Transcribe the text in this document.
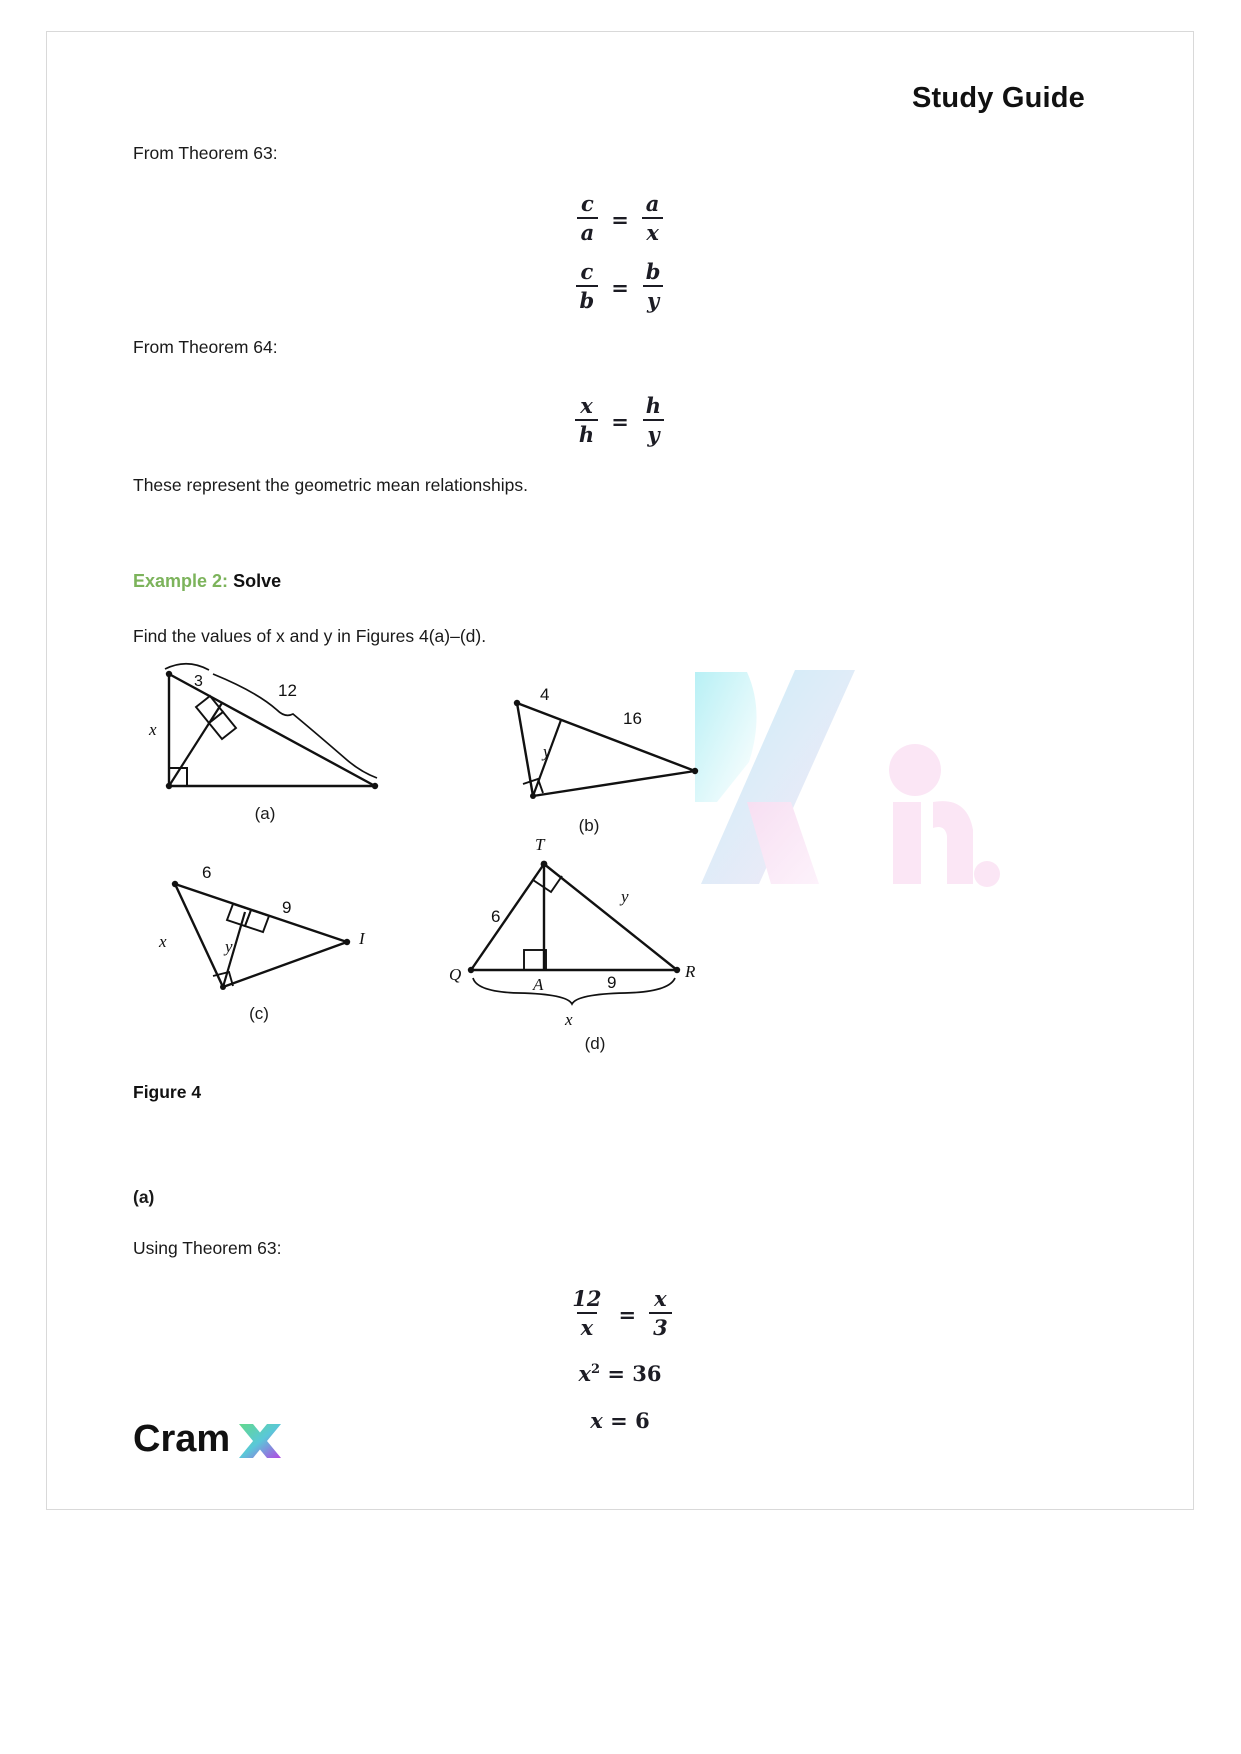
Study Guide
From Theorem 63:
$\frac{c}{a} = \frac{a}{x}$
$\frac{c}{b} = \frac{b}{y}$
From Theorem 64:
$\frac{x}{h} = \frac{h}{y}$
These represent the geometric mean relationships.
Example 2: Solve
Find the values of x and y in Figures 4(a)–(d).
3	12
x
(a)
4
16
y
(b)
6
9
x	y	I
(c)
T
Q
A
R
6
y
9
x
(d)
Figure 4
(a)
Using Theorem 63:
$\frac{12}{x} = \frac{x}{3}$
$x^2 = 36$
x = 6
Cram
